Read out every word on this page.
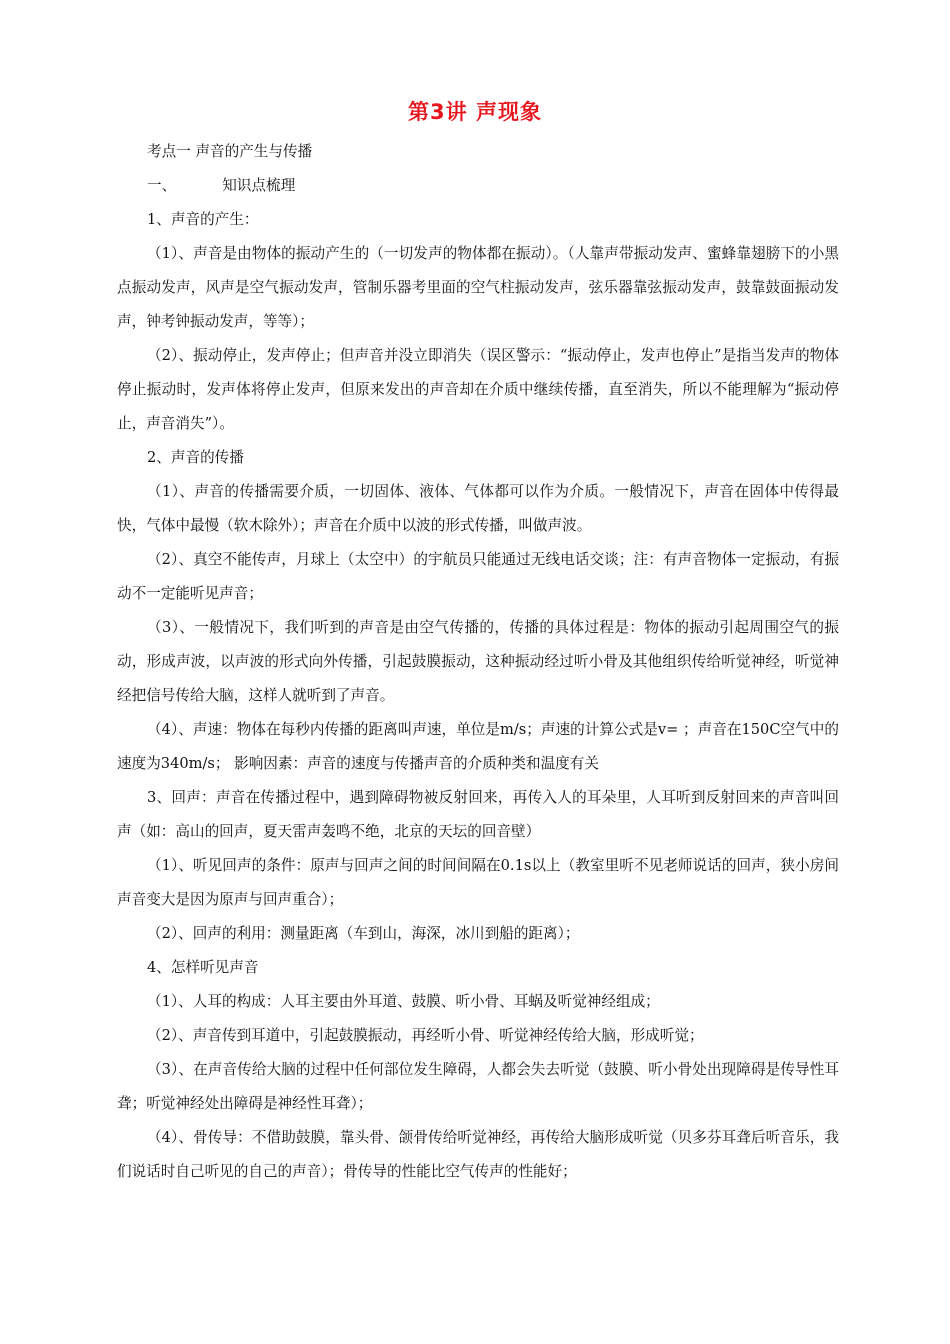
第3讲 声现象

考点一 声音的产生与传播

一、	知识点梳理

1、声音的产生：

（1）、声音是由物体的振动产生的（一切发声的物体都在振动）。（人靠声带振动发声、蜜蜂靠翅膀下的小黑点振动发声，风声是空气振动发声，管制乐器考里面的空气柱振动发声，弦乐器靠弦振动发声，鼓靠鼓面振动发声，钟考钟振动发声，等等）；

（2）、振动停止，发声停止；但声音并没立即消失（误区警示：“振动停止，发声也停止”是指当发声的物体停止振动时，发声体将停止发声，但原来发出的声音却在介质中继续传播，直至消失，所以不能理解为“振动停止，声音消失”）。

2、声音的传播

（1）、声音的传播需要介质，一切固体、液体、气体都可以作为介质。一般情况下，声音在固体中传得最快，气体中最慢（软木除外）；声音在介质中以波的形式传播，叫做声波。

（2）、真空不能传声，月球上（太空中）的宇航员只能通过无线电话交谈；注：有声音物体一定振动，有振动不一定能听见声音；

（3）、一般情况下，我们听到的声音是由空气传播的，传播的具体过程是：物体的振动引起周围空气的振动，形成声波，以声波的形式向外传播，引起鼓膜振动，这种振动经过听小骨及其他组织传给听觉神经，听觉神经把信号传给大脑，这样人就听到了声音。

（4）、声速：物体在每秒内传播的距离叫声速，单位是m/s；声速的计算公式是v= ；声音在150C空气中的速度为340m/s； 影响因素：声音的速度与传播声音的介质种类和温度有关

3、回声：声音在传播过程中，遇到障碍物被反射回来，再传入人的耳朵里，人耳听到反射回来的声音叫回声（如：高山的回声，夏天雷声轰鸣不绝，北京的天坛的回音壁）

（1）、听见回声的条件：原声与回声之间的时间间隔在0.1s以上（教室里听不见老师说话的回声，狭小房间声音变大是因为原声与回声重合）；

（2）、回声的利用：测量距离（车到山，海深，冰川到船的距离）；

4、怎样听见声音

（1）、人耳的构成：人耳主要由外耳道、鼓膜、听小骨、耳蜗及听觉神经组成；

（2）、声音传到耳道中，引起鼓膜振动，再经听小骨、听觉神经传给大脑，形成听觉；

（3）、在声音传给大脑的过程中任何部位发生障碍，人都会失去听觉（鼓膜、听小骨处出现障碍是传导性耳聋；听觉神经处出障碍是神经性耳聋）；

（4）、骨传导：不借助鼓膜，靠头骨、颌骨传给听觉神经，再传给大脑形成听觉（贝多芬耳聋后听音乐，我们说话时自己听见的自己的声音）；骨传导的性能比空气传声的性能好；
